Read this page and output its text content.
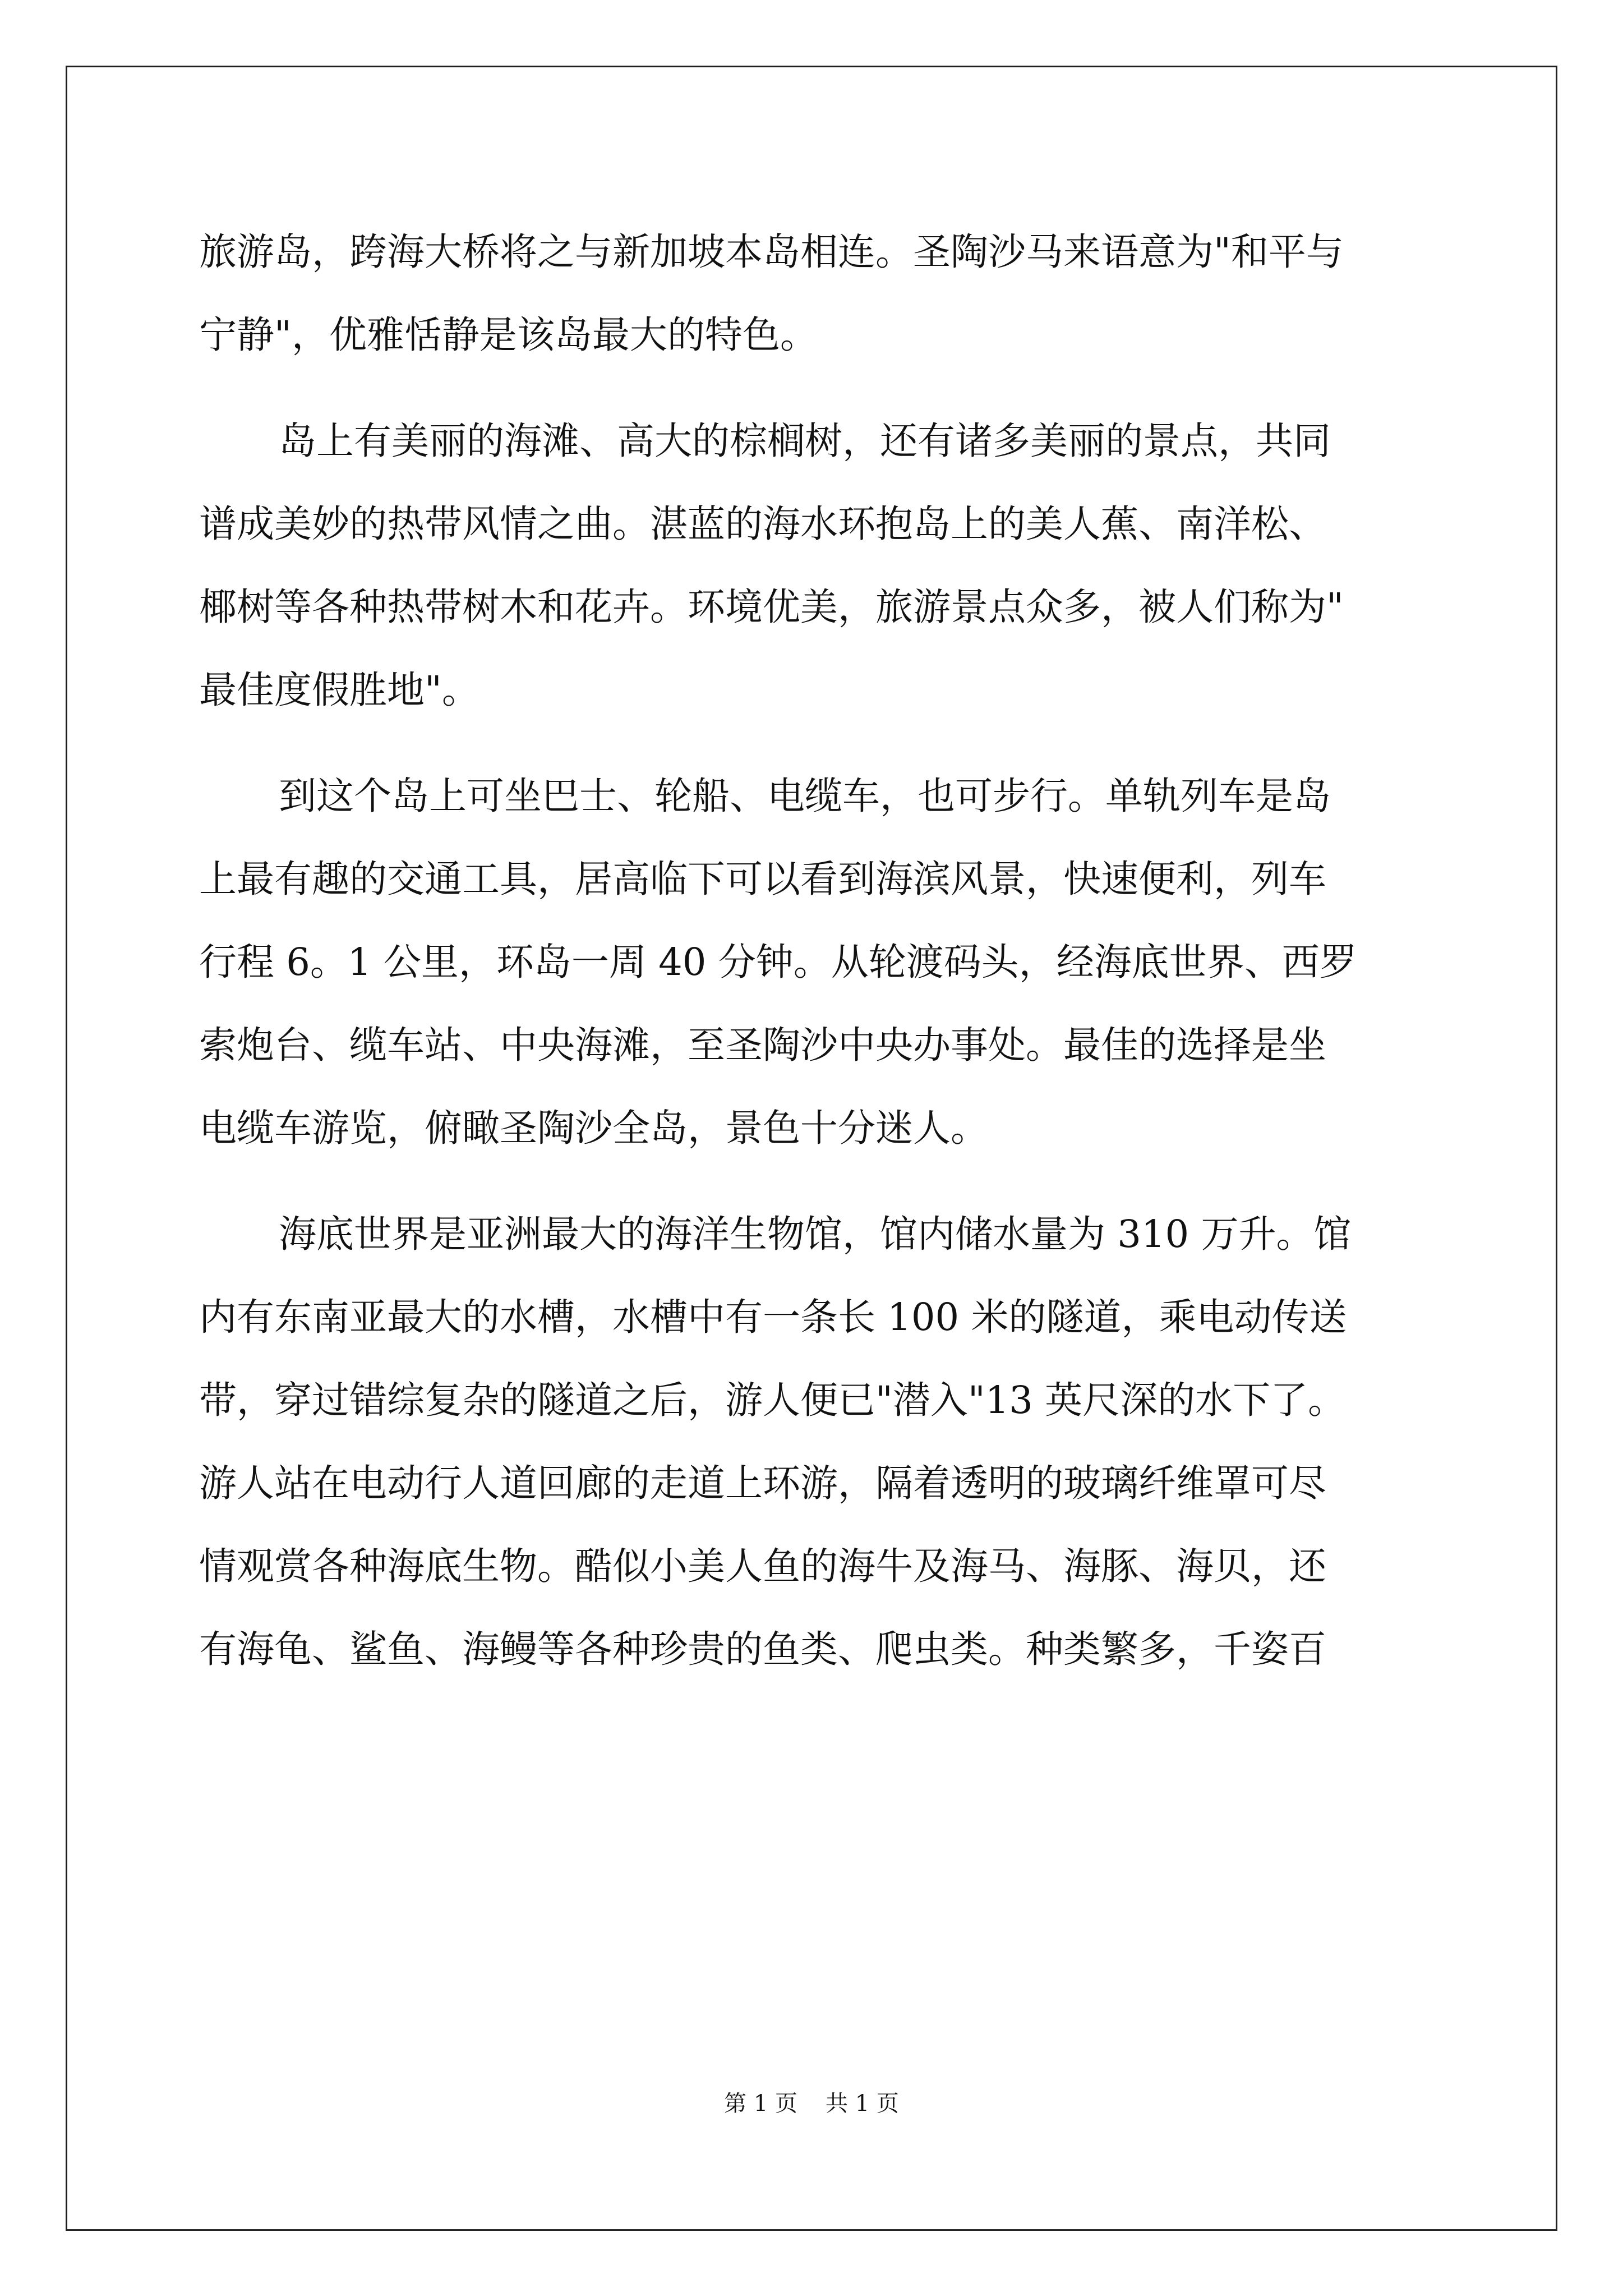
旅游岛，跨海大桥将之与新加坡本岛相连。圣陶沙马来语意为"和平与
宁静"，优雅恬静是该岛最大的特色。
岛上有美丽的海滩、高大的棕榈树，还有诸多美丽的景点，共同
谱成美妙的热带风情之曲。湛蓝的海水环抱岛上的美人蕉、南洋松、
椰树等各种热带树木和花卉。环境优美，旅游景点众多，被人们称为"
最佳度假胜地"。
到这个岛上可坐巴士、轮船、电缆车，也可步行。单轨列车是岛
上最有趣的交通工具，居高临下可以看到海滨风景，快速便利，列车
行程 6。1 公里，环岛一周 40 分钟。从轮渡码头，经海底世界、西罗
索炮台、缆车站、中央海滩，至圣陶沙中央办事处。最佳的选择是坐
电缆车游览，俯瞰圣陶沙全岛，景色十分迷人。
海底世界是亚洲最大的海洋生物馆，馆内储水量为 310 万升。馆
内有东南亚最大的水槽，水槽中有一条长 100 米的隧道，乘电动传送
带，穿过错综复杂的隧道之后，游人便已"潜入"13 英尺深的水下了。
游人站在电动行人道回廊的走道上环游，隔着透明的玻璃纤维罩可尽
情观赏各种海底生物。酷似小美人鱼的海牛及海马、海豚、海贝，还
有海龟、鲨鱼、海鳗等各种珍贵的鱼类、爬虫类。种类繁多，千姿百
第 1 页 共 1 页
